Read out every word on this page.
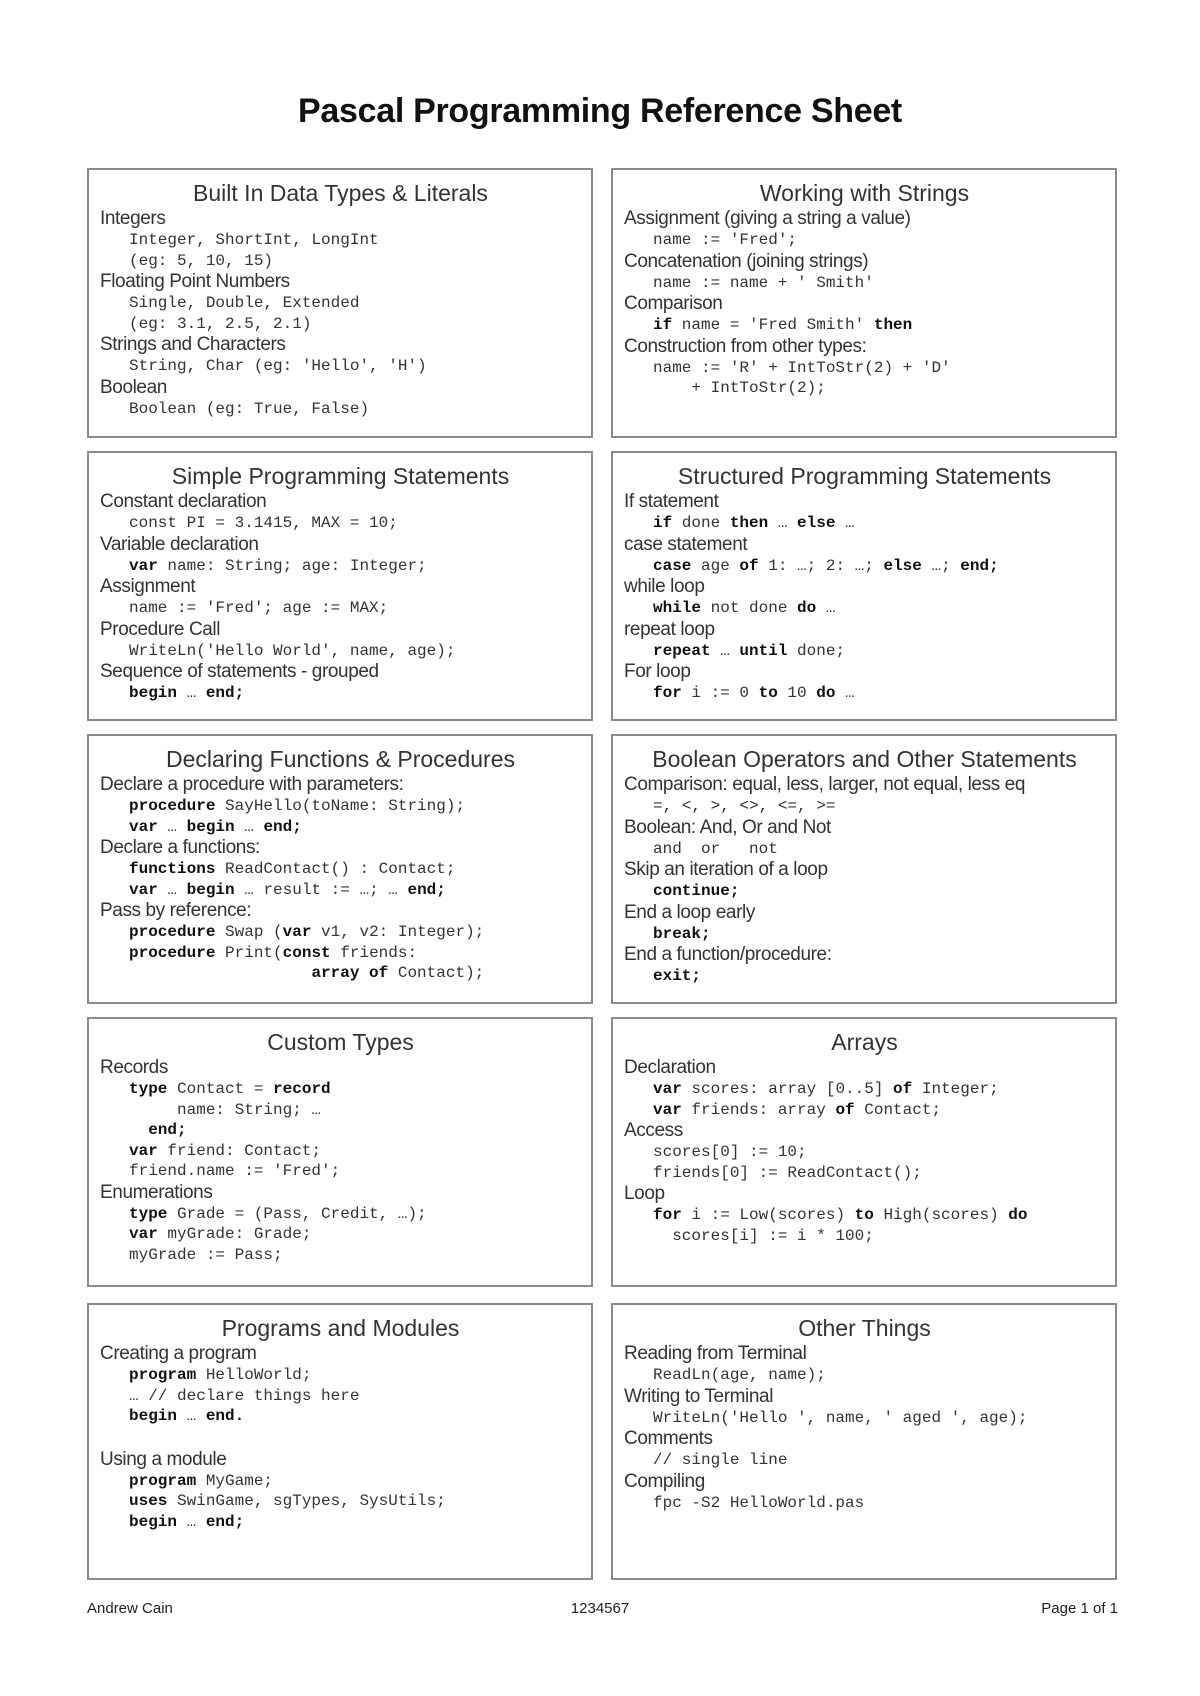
Pascal Programming Reference Sheet
Built In Data Types & Literals
Integers
Integer, ShortInt, LongInt
(eg: 5, 10, 15)
Floating Point Numbers
Single, Double, Extended
(eg: 3.1, 2.5, 2.1)
Strings and Characters
String, Char (eg: 'Hello', 'H')
Boolean
Boolean (eg: True, False)
Working with Strings
Assignment (giving a string a value)
name := 'Fred';
Concatenation (joining strings)
name := name + ' Smith'
Comparison
if name = 'Fred Smith' then
Construction from other types:
name := 'R' + IntToStr(2) + 'D'
+ IntToStr(2);
Simple Programming Statements
Constant declaration
const PI = 3.1415, MAX = 10;
Variable declaration
var name: String; age: Integer;
Assignment
name := 'Fred'; age := MAX;
Procedure Call
WriteLn('Hello World', name, age);
Sequence of statements - grouped
begin … end;
Structured Programming Statements
If statement
if done then … else …
case statement
case age of 1: …; 2: …; else …; end;
while loop
while not done do …
repeat loop
repeat … until done;
For loop
for i := 0 to 10 do …
Declaring Functions & Procedures
Declare a procedure with parameters:
procedure SayHello(toName: String);
var … begin … end;
Declare a functions:
functions ReadContact() : Contact;
var … begin … result := …; … end;
Pass by reference:
procedure Swap (var v1, v2: Integer);
procedure Print(const friends:
array of Contact);
Boolean Operators and Other Statements
Comparison: equal, less, larger, not equal, less eq
=, <, >, <>, <=, >=
Boolean: And, Or and Not
and  or   not
Skip an iteration of a loop
continue;
End a loop early
break;
End a function/procedure:
exit;
Custom Types
Records
type Contact = record
name: String; …
end;
var friend: Contact;
friend.name := 'Fred';
Enumerations
type Grade = (Pass, Credit, …);
var myGrade: Grade;
myGrade := Pass;
Arrays
Declaration
var scores: array [0..5] of Integer;
var friends: array of Contact;
Access
scores[0] := 10;
friends[0] := ReadContact();
Loop
for i := Low(scores) to High(scores) do
scores[i] := i * 100;
Programs and Modules
Creating a program
program HelloWorld;
… // declare things here
begin … end.
Using a module
program MyGame;
uses SwinGame, sgTypes, SysUtils;
begin … end;
Other Things
Reading from Terminal
ReadLn(age, name);
Writing to Terminal
WriteLn('Hello ', name, ' aged ', age);
Comments
// single line
Compiling
fpc -S2 HelloWorld.pas
Andrew Cain	1234567	Page 1 of 1
